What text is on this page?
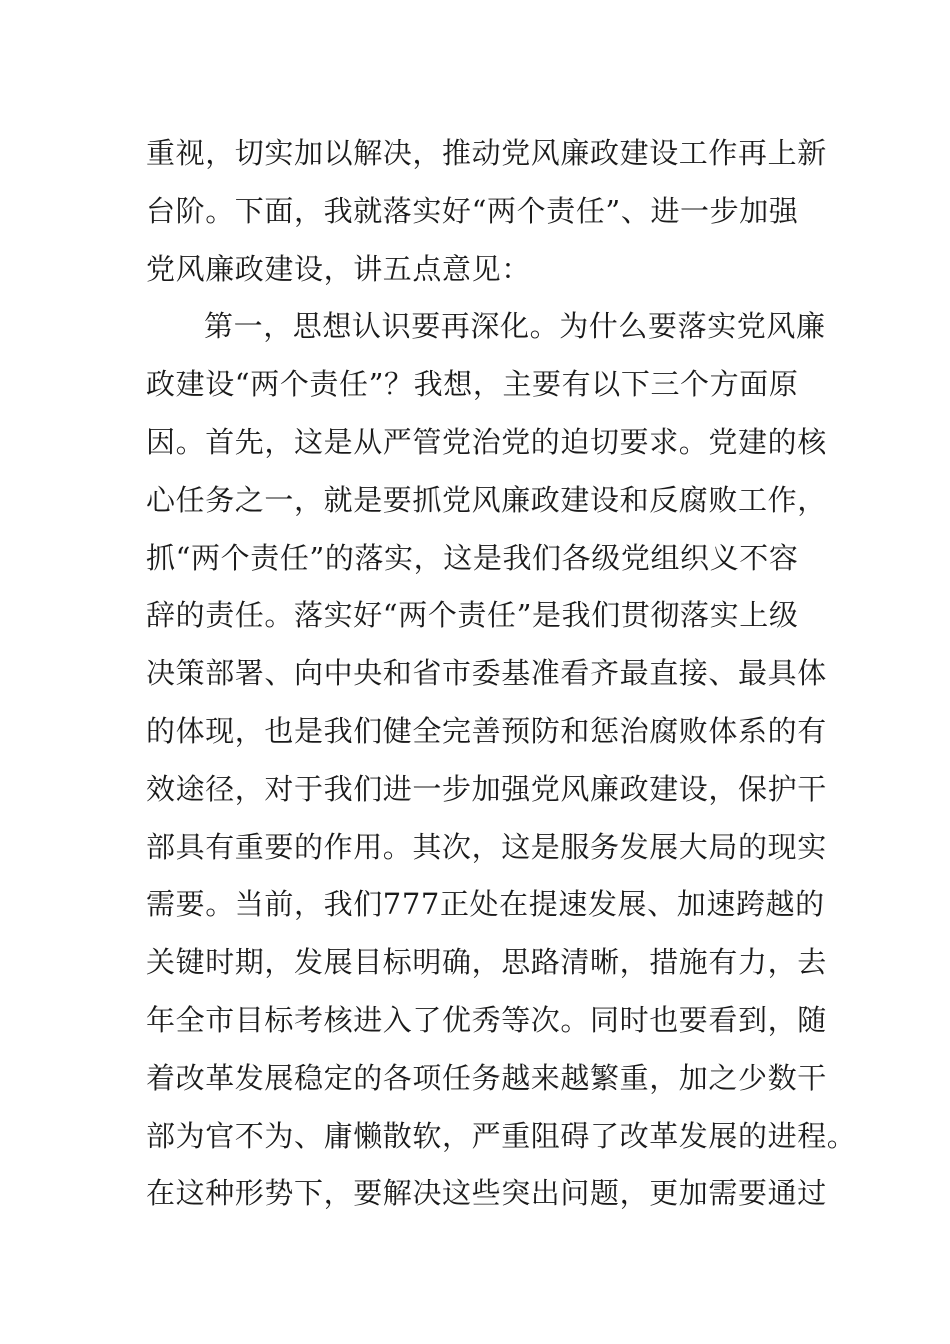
重视，切实加以解决，推动党风廉政建设工作再上新
台阶。下面，我就落实好“两个责任”、进一步加强
党风廉政建设，讲五点意见：
第一，思想认识要再深化。为什么要落实党风廉
政建设“两个责任”？我想，主要有以下三个方面原
因。首先，这是从严管党治党的迫切要求。党建的核
心任务之一，就是要抓党风廉政建设和反腐败工作，
抓“两个责任”的落实，这是我们各级党组织义不容
辞的责任。落实好“两个责任”是我们贯彻落实上级
决策部署、向中央和省市委基准看齐最直接、最具体
的体现，也是我们健全完善预防和惩治腐败体系的有
效途径，对于我们进一步加强党风廉政建设，保护干
部具有重要的作用。其次，这是服务发展大局的现实
需要。当前，我们777正处在提速发展、加速跨越的
关键时期，发展目标明确，思路清晰，措施有力，去
年全市目标考核进入了优秀等次。同时也要看到，随
着改革发展稳定的各项任务越来越繁重，加之少数干
部为官不为、庸懒散软，严重阻碍了改革发展的进程。
在这种形势下，要解决这些突出问题，更加需要通过
